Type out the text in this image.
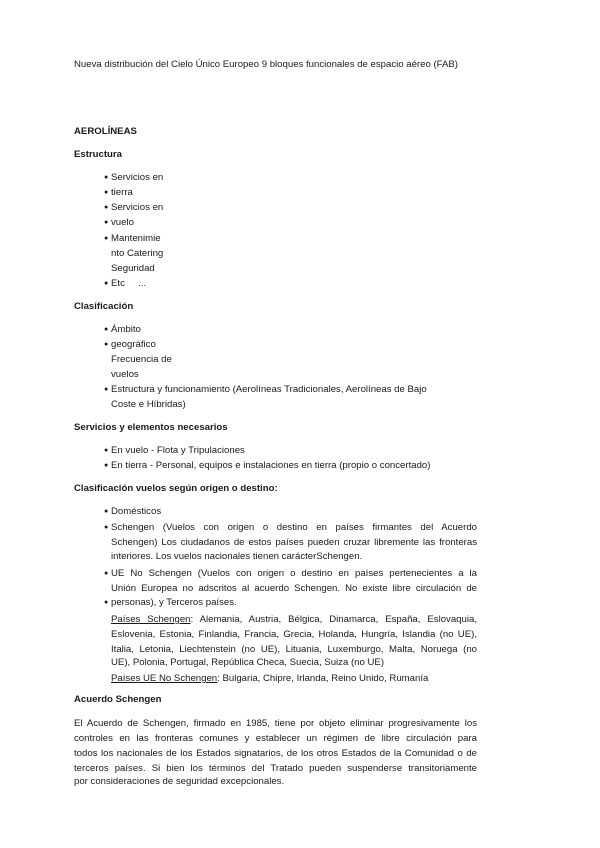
Nueva distribución del Cielo Único Europeo 9 bloques funcionales de espacio aéreo (FAB)
AEROLÍNEAS
Estructura
● Servicios en
● tierra
● Servicios en
● vuelo
● Mantenimie
nto Catering
Seguridad
● Etc     ...
Clasificación
● Ámbito
● geográfico
Frecuencia de
vuelos
● Estructura y funcionamiento (Aerolíneas Tradicionales, Aerolíneas de Bajo
Coste e Híbridas)
Servicios y elementos necesarios
● En vuelo - Flota y Tripulaciones
● En tierra - Personal, equipos e instalaciones en tierra (propio o concertado)
Clasificación vuelos según origen o destino:
● Domésticos
● Schengen (Vuelos con origen o destino en países firmantes del Acuerdo
Schengen) Los ciudadanos de estos países pueden cruzar libremente las fronteras
interiores. Los vuelos nacionales tienen carácterSchengen.
● UE No Schengen (Vuelos con origen o destino en países pertenecientes a la
Unión Europea no adscritos al acuerdo Schengen. No existe libre circulación de
● personas), y Terceros países.
Países Schengen: Alemania, Austria, Bélgica, Dinamarca, España, Eslovaquia,
Eslovenia, Estonia, Finlandia, Francia, Grecia, Holanda, Hungría, Islandia (no UE),
Italia, Letonia, Liechtenstein (no UE), Lituania, Luxemburgo, Malta, Noruega (no
UE), Polonia, Portugal, República Checa, Suecia, Suiza (no UE)
Países UE No Schengen: Bulgaria, Chipre, Irlanda, Reino Unido, Rumanía
Acuerdo Schengen
El Acuerdo de Schengen, firmado en 1985, tiene por objeto eliminar progresivamente los
controles en las fronteras comunes y establecer un régimen de libre circulación para
todos los nacionales de los Estados signatarios, de los otros Estados de la Comunidad o de
terceros países. Si bien los términos del Tratado pueden suspenderse transitoriamente
por consideraciones de seguridad excepcionales.
